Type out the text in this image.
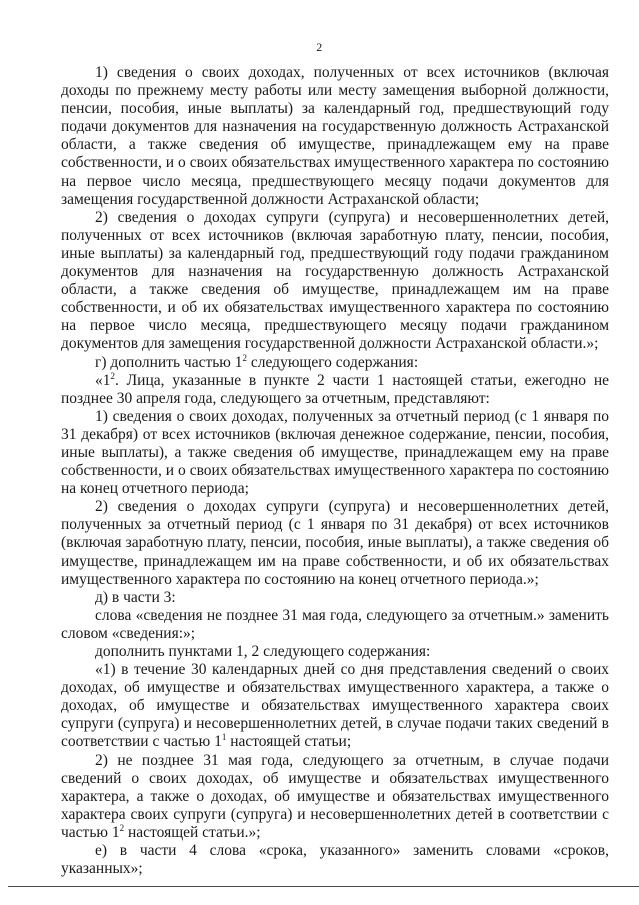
2

1) сведения о своих доходах, полученных от всех источников (включая доходы по прежнему месту работы или месту замещения выборной должности, пенсии, пособия, иные выплаты) за календарный год, предшествующий году подачи документов для назначения на государственную должность Астраханской области, а также сведения об имуществе, принадлежащем ему на праве собственности, и о своих обязательствах имущественного характера по состоянию на первое число месяца, предшествующего месяцу подачи документов для замещения государственной должности Астраханской области;

2) сведения о доходах супруги (супруга) и несовершеннолетних детей, полученных от всех источников (включая заработную плату, пенсии, пособия, иные выплаты) за календарный год, предшествующий году подачи гражданином документов для назначения на государственную должность Астраханской области, а также сведения об имуществе, принадлежащем им на праве собственности, и об их обязательствах имущественного характера по состоянию на первое число месяца, предшествующего месяцу подачи гражданином документов для замещения государственной должности Астраханской области.»;

г) дополнить частью $1^2$ следующего содержания:

«$1^2$. Лица, указанные в пункте 2 части 1 настоящей статьи, ежегодно не позднее 30 апреля года, следующего за отчетным, представляют:

1) сведения о своих доходах, полученных за отчетный период (с 1 января по 31 декабря) от всех источников (включая денежное содержание, пенсии, пособия, иные выплаты), а также сведения об имуществе, принадлежащем ему на праве собственности, и о своих обязательствах имущественного характера по состоянию на конец отчетного периода;

2) сведения о доходах супруги (супруга) и несовершеннолетних детей, полученных за отчетный период (с 1 января по 31 декабря) от всех источников (включая заработную плату, пенсии, пособия, иные выплаты), а также сведения об имуществе, принадлежащем им на праве собственности, и об их обязательствах имущественного характера по состоянию на конец отчетного периода.»;

д) в части 3:

слова «сведения не позднее 31 мая года, следующего за отчетным.» заменить словом «сведения:»;

дополнить пунктами 1, 2 следующего содержания:

«1) в течение 30 календарных дней со дня представления сведений о своих доходах, об имуществе и обязательствах имущественного характера, а также о доходах, об имуществе и обязательствах имущественного характера своих супруги (супруга) и несовершеннолетних детей, в случае подачи таких сведений в соответствии с частью $1^1$ настоящей статьи;

2) не позднее 31 мая года, следующего за отчетным, в случае подачи сведений о своих доходах, об имуществе и обязательствах имущественного характера, а также о доходах, об имуществе и обязательствах имущественного характера своих супруги (супруга) и несовершеннолетних детей в соответствии с частью $1^2$ настоящей статьи.»;

е) в части 4 слова «срока, указанного» заменить словами «сроков, указанных»;
